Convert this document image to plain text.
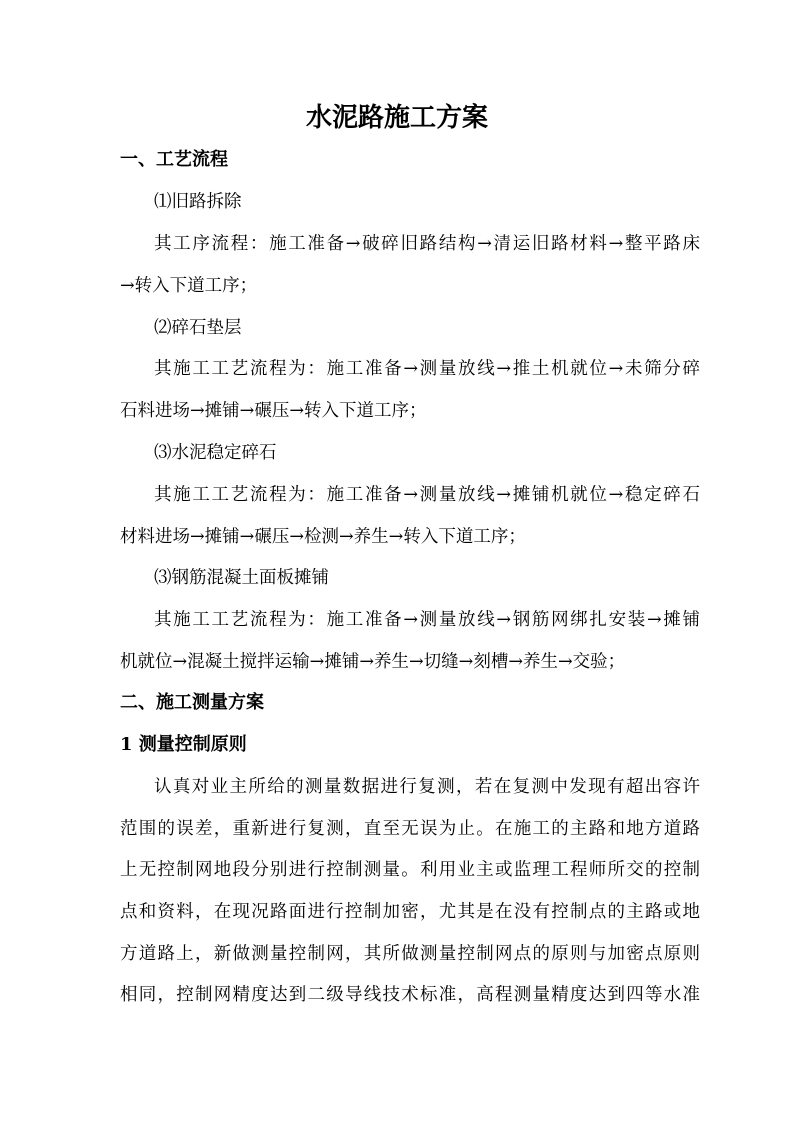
水泥路施工方案
一、工艺流程
⑴旧路拆除
其工序流程：施工准备→破碎旧路结构→清运旧路材料→整平路床
→转入下道工序；
⑵碎石垫层
其施工工艺流程为：施工准备→测量放线→推土机就位→未筛分碎
石料进场→摊铺→碾压→转入下道工序；
⑶水泥稳定碎石
其施工工艺流程为：施工准备→测量放线→摊铺机就位→稳定碎石
材料进场→摊铺→碾压→检测→养生→转入下道工序；
⑶钢筋混凝土面板摊铺
其施工工艺流程为：施工准备→测量放线→钢筋网绑扎安装→摊铺
机就位→混凝土搅拌运输→摊铺→养生→切缝→刻槽→养生→交验；
二、施工测量方案
1 测量控制原则
认真对业主所给的测量数据进行复测，若在复测中发现有超出容许
范围的误差，重新进行复测，直至无误为止。在施工的主路和地方道路
上无控制网地段分别进行控制测量。利用业主或监理工程师所交的控制
点和资料，在现况路面进行控制加密，尤其是在没有控制点的主路或地
方道路上，新做测量控制网，其所做测量控制网点的原则与加密点原则
相同，控制网精度达到二级导线技术标准，高程测量精度达到四等水准
